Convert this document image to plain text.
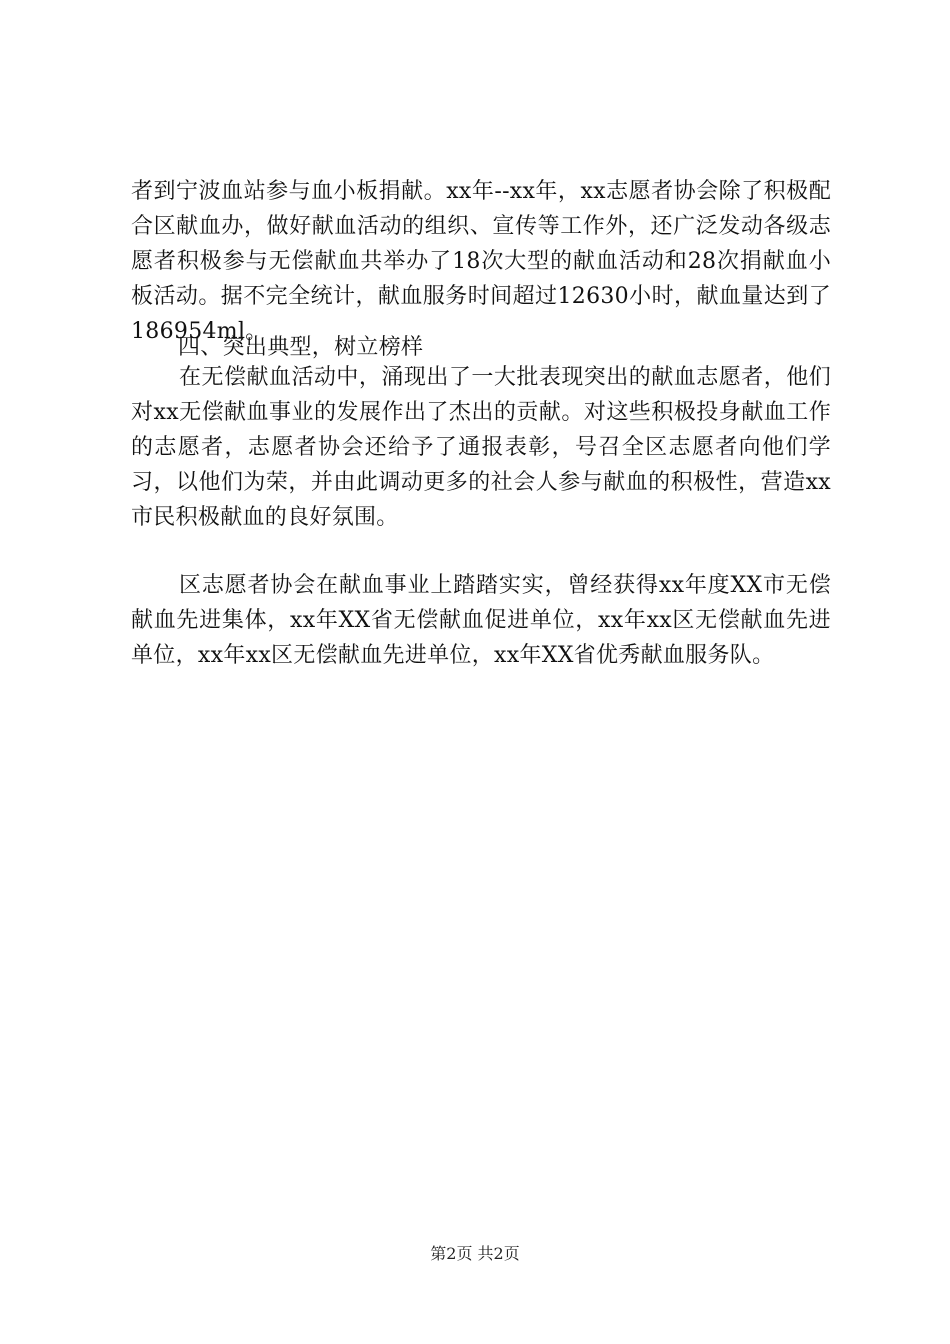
者到宁波血站参与血小板捐献。xx年--xx年，xx志愿者协会除了积极配合区献血办，做好献血活动的组织、宣传等工作外，还广泛发动各级志愿者积极参与无偿献血共举办了18次大型的献血活动和28次捐献血小板活动。据不完全统计，献血服务时间超过12630小时，献血量达到了186954ml。

四、突出典型，树立榜样

在无偿献血活动中，涌现出了一大批表现突出的献血志愿者，他们对xx无偿献血事业的发展作出了杰出的贡献。对这些积极投身献血工作的志愿者，志愿者协会还给予了通报表彰，号召全区志愿者向他们学习，以他们为荣，并由此调动更多的社会人参与献血的积极性，营造xx市民积极献血的良好氛围。

区志愿者协会在献血事业上踏踏实实，曾经获得xx年度XX市无偿献血先进集体，xx年XX省无偿献血促进单位，xx年xx区无偿献血先进单位，xx年xx区无偿献血先进单位，xx年XX省优秀献血服务队。

第2页 共2页
